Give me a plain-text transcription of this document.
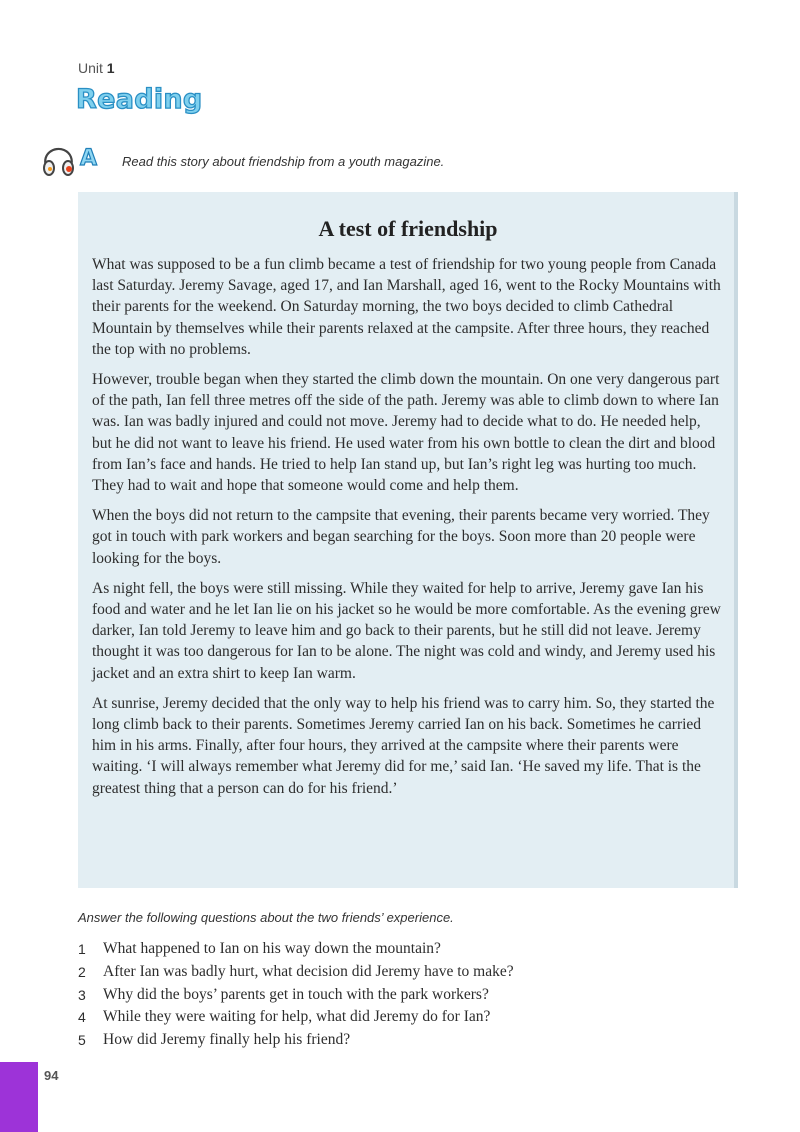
Unit 1
Reading
A Read this story about friendship from a youth magazine.
A test of friendship

What was supposed to be a fun climb became a test of friendship for two young people from Canada last Saturday. Jeremy Savage, aged 17, and Ian Marshall, aged 16, went to the Rocky Mountains with their parents for the weekend. On Saturday morning, the two boys decided to climb Cathedral Mountain by themselves while their parents relaxed at the campsite. After three hours, they reached the top with no problems.

However, trouble began when they started the climb down the mountain. On one very dangerous part of the path, Ian fell three metres off the side of the path. Jeremy was able to climb down to where Ian was. Ian was badly injured and could not move. Jeremy had to decide what to do. He needed help, but he did not want to leave his friend. He used water from his own bottle to clean the dirt and blood from Ian’s face and hands. He tried to help Ian stand up, but Ian’s right leg was hurting too much. They had to wait and hope that someone would come and help them.

When the boys did not return to the campsite that evening, their parents became very worried. They got in touch with park workers and began searching for the boys. Soon more than 20 people were looking for the boys.

As night fell, the boys were still missing. While they waited for help to arrive, Jeremy gave Ian his food and water and he let Ian lie on his jacket so he would be more comfortable. As the evening grew darker, Ian told Jeremy to leave him and go back to their parents, but he still did not leave. Jeremy thought it was too dangerous for Ian to be alone. The night was cold and windy, and Jeremy used his jacket and an extra shirt to keep Ian warm.

At sunrise, Jeremy decided that the only way to help his friend was to carry him. So, they started the long climb back to their parents. Sometimes Jeremy carried Ian on his back. Sometimes he carried him in his arms. Finally, after four hours, they arrived at the campsite where their parents were waiting. ‘I will always remember what Jeremy did for me,’ said Ian. ‘He saved my life. That is the greatest thing that a person can do for his friend.’

Answer the following questions about the two friends’ experience.
1	What happened to Ian on his way down the mountain?
2	After Ian was badly hurt, what decision did Jeremy have to make?
3	Why did the boys’ parents get in touch with the park workers?
4	While they were waiting for help, what did Jeremy do for Ian?
5	How did Jeremy finally help his friend?
94
